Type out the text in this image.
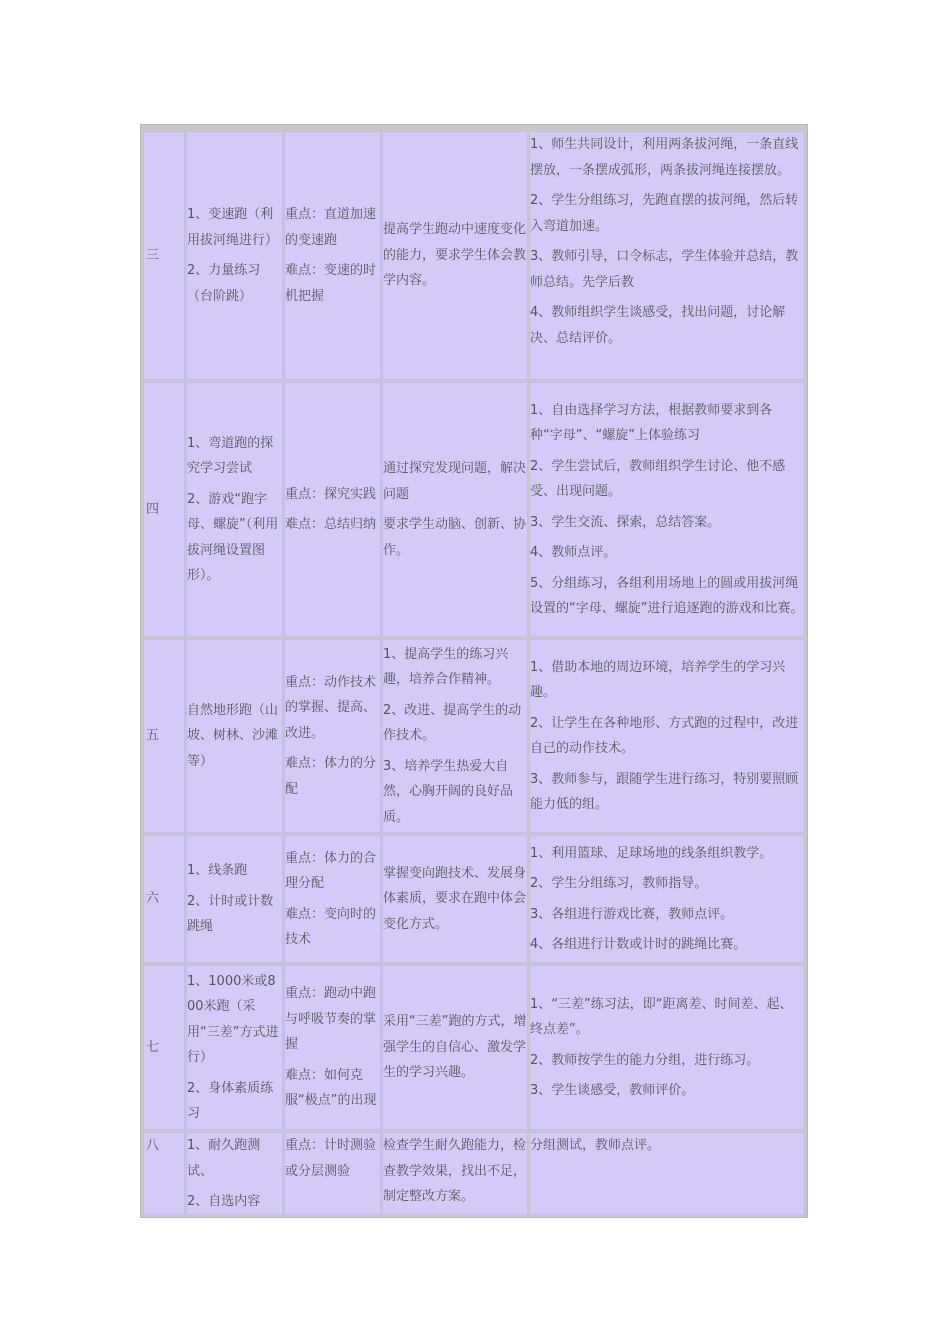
三

1、变速跑（利用拔河绳进行）

2、力量练习（台阶跳）

重点：直道加速的变速跑

难点：变速的时机把握

提高学生跑动中速度变化的能力，要求学生体会教学内容。

1、师生共同设计，利用两条拔河绳，一条直线摆放，一条摆成弧形，两条拔河绳连接摆放。

2、学生分组练习，先跑直摆的拔河绳，然后转入弯道加速。

3、教师引导，口令标志，学生体验并总结，教师总结。先学后教

4、教师组织学生谈感受，找出问题，讨论解决、总结评价。

四

1、弯道跑的探究学习尝试

2、游戏“跑字母、螺旋”（利用拔河绳设置图形）。

重点：探究实践

难点：总结归纳

通过探究发现问题，解决问题

要求学生动脑、创新、协作。

1、自由选择学习方法，根据教师要求到各种“字母”、“螺旋”上体验练习

2、学生尝试后，教师组织学生讨论、他不感受、出现问题。

3、学生交流、探索，总结答案。

4、教师点评。

5、分组练习，各组利用场地上的圆或用拔河绳设置的“字母、螺旋”进行追逐跑的游戏和比赛。

五

自然地形跑（山坡、树林、沙滩等）

重点：动作技术的掌握、提高、改进。

难点：体力的分配

1、提高学生的练习兴趣，培养合作精神。

2、改进、提高学生的动作技术。

3、培养学生热爱大自然，心胸开阔的良好品质。

1、借助本地的周边环境，培养学生的学习兴趣。

2、让学生在各种地形、方式跑的过程中，改进自己的动作技术。

3、教师参与，跟随学生进行练习，特别要照顾能力低的组。

六

1、线条跑

2、计时或计数跳绳

重点：体力的合理分配

难点：变向时的技术

掌握变向跑技术、发展身体素质，要求在跑中体会变化方式。

1、利用篮球、足球场地的线条组织教学。

2、学生分组练习，教师指导。

3、各组进行游戏比赛，教师点评。

4、各组进行计数或计时的跳绳比赛。

七

1、1000米或800米跑（采用“三差”方式进行）

2、身体素质练习

重点：跑动中跑与呼吸节奏的掌握

难点：如何克服“极点”的出现

采用“三差”跑的方式，增强学生的自信心、激发学生的学习兴趣。

1、“三差”练习法，即“距离差、时间差、起、终点差”。

2、教师按学生的能力分组，进行练习。

3、学生谈感受，教师评价。

八	1、耐久跑测试、

2、自选内容

重点：计时测验或分层测验

检查学生耐久跑能力，检查教学效果，找出不足，制定整改方案。

分组测试，教师点评。
